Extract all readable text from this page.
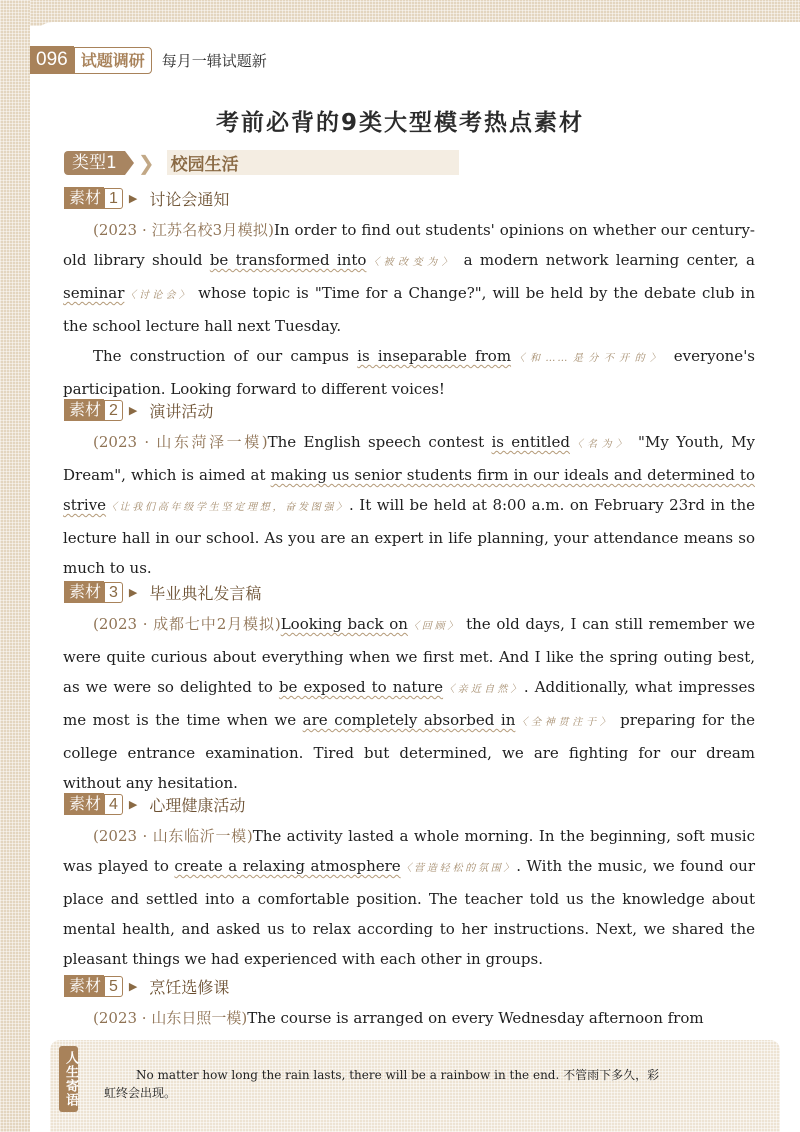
096 试题调研	每月一辑试题新
考前必背的9类大型模考热点素材
类型1	❯ 校园生活
素材 1	▶ 讨论会通知

(2023 · 江苏名校3月模拟)In order to find out students' opinions on whether our century-old library should be transformed into〈被改变为〉 a modern network learning center, a seminar〈讨论会〉 whose topic is "Time for a Change?", will be held by the debate club in the school lecture hall next Tuesday.

The construction of our campus is inseparable from〈和……是分不开的〉 everyone's participation. Looking forward to different voices!

素材 2	▶ 演讲活动

(2023 · 山东菏泽一模)The English speech contest is entitled〈名为〉 "My Youth, My Dream", which is aimed at making us senior students firm in our ideals and determined to strive〈让我们高年级学生坚定理想，奋发图强〉. It will be held at 8:00 a.m. on February 23rd in the lecture hall in our school. As you are an expert in life planning, your attendance means so much to us.

素材 3	▶ 毕业典礼发言稿

(2023 · 成都七中2月模拟)Looking back on〈回顾〉 the old days, I can still remember we were quite curious about everything when we first met. And I like the spring outing best, as we were so delighted to be exposed to nature〈亲近自然〉. Additionally, what impresses me most is the time when we are completely absorbed in〈全神贯注于〉 preparing for the college entrance examination. Tired but determined, we are fighting for our dream without any hesitation.

素材 4	▶ 心理健康活动

(2023 · 山东临沂一模)The activity lasted a whole morning. In the beginning, soft music was played to create a relaxing atmosphere〈营造轻松的氛围〉. With the music, we found our place and settled into a comfortable position. The teacher told us the knowledge about mental health, and asked us to relax according to her instructions. Next, we shared the pleasant things we had experienced with each other in groups.

素材 5	▶ 烹饪选修课

(2023 · 山东日照一模)The course is arranged on every Wednesday afternoon from

人生寄语	No matter how long the rain lasts, there will be a rainbow in the end. 不管雨下多久，彩
虹终会出现。
